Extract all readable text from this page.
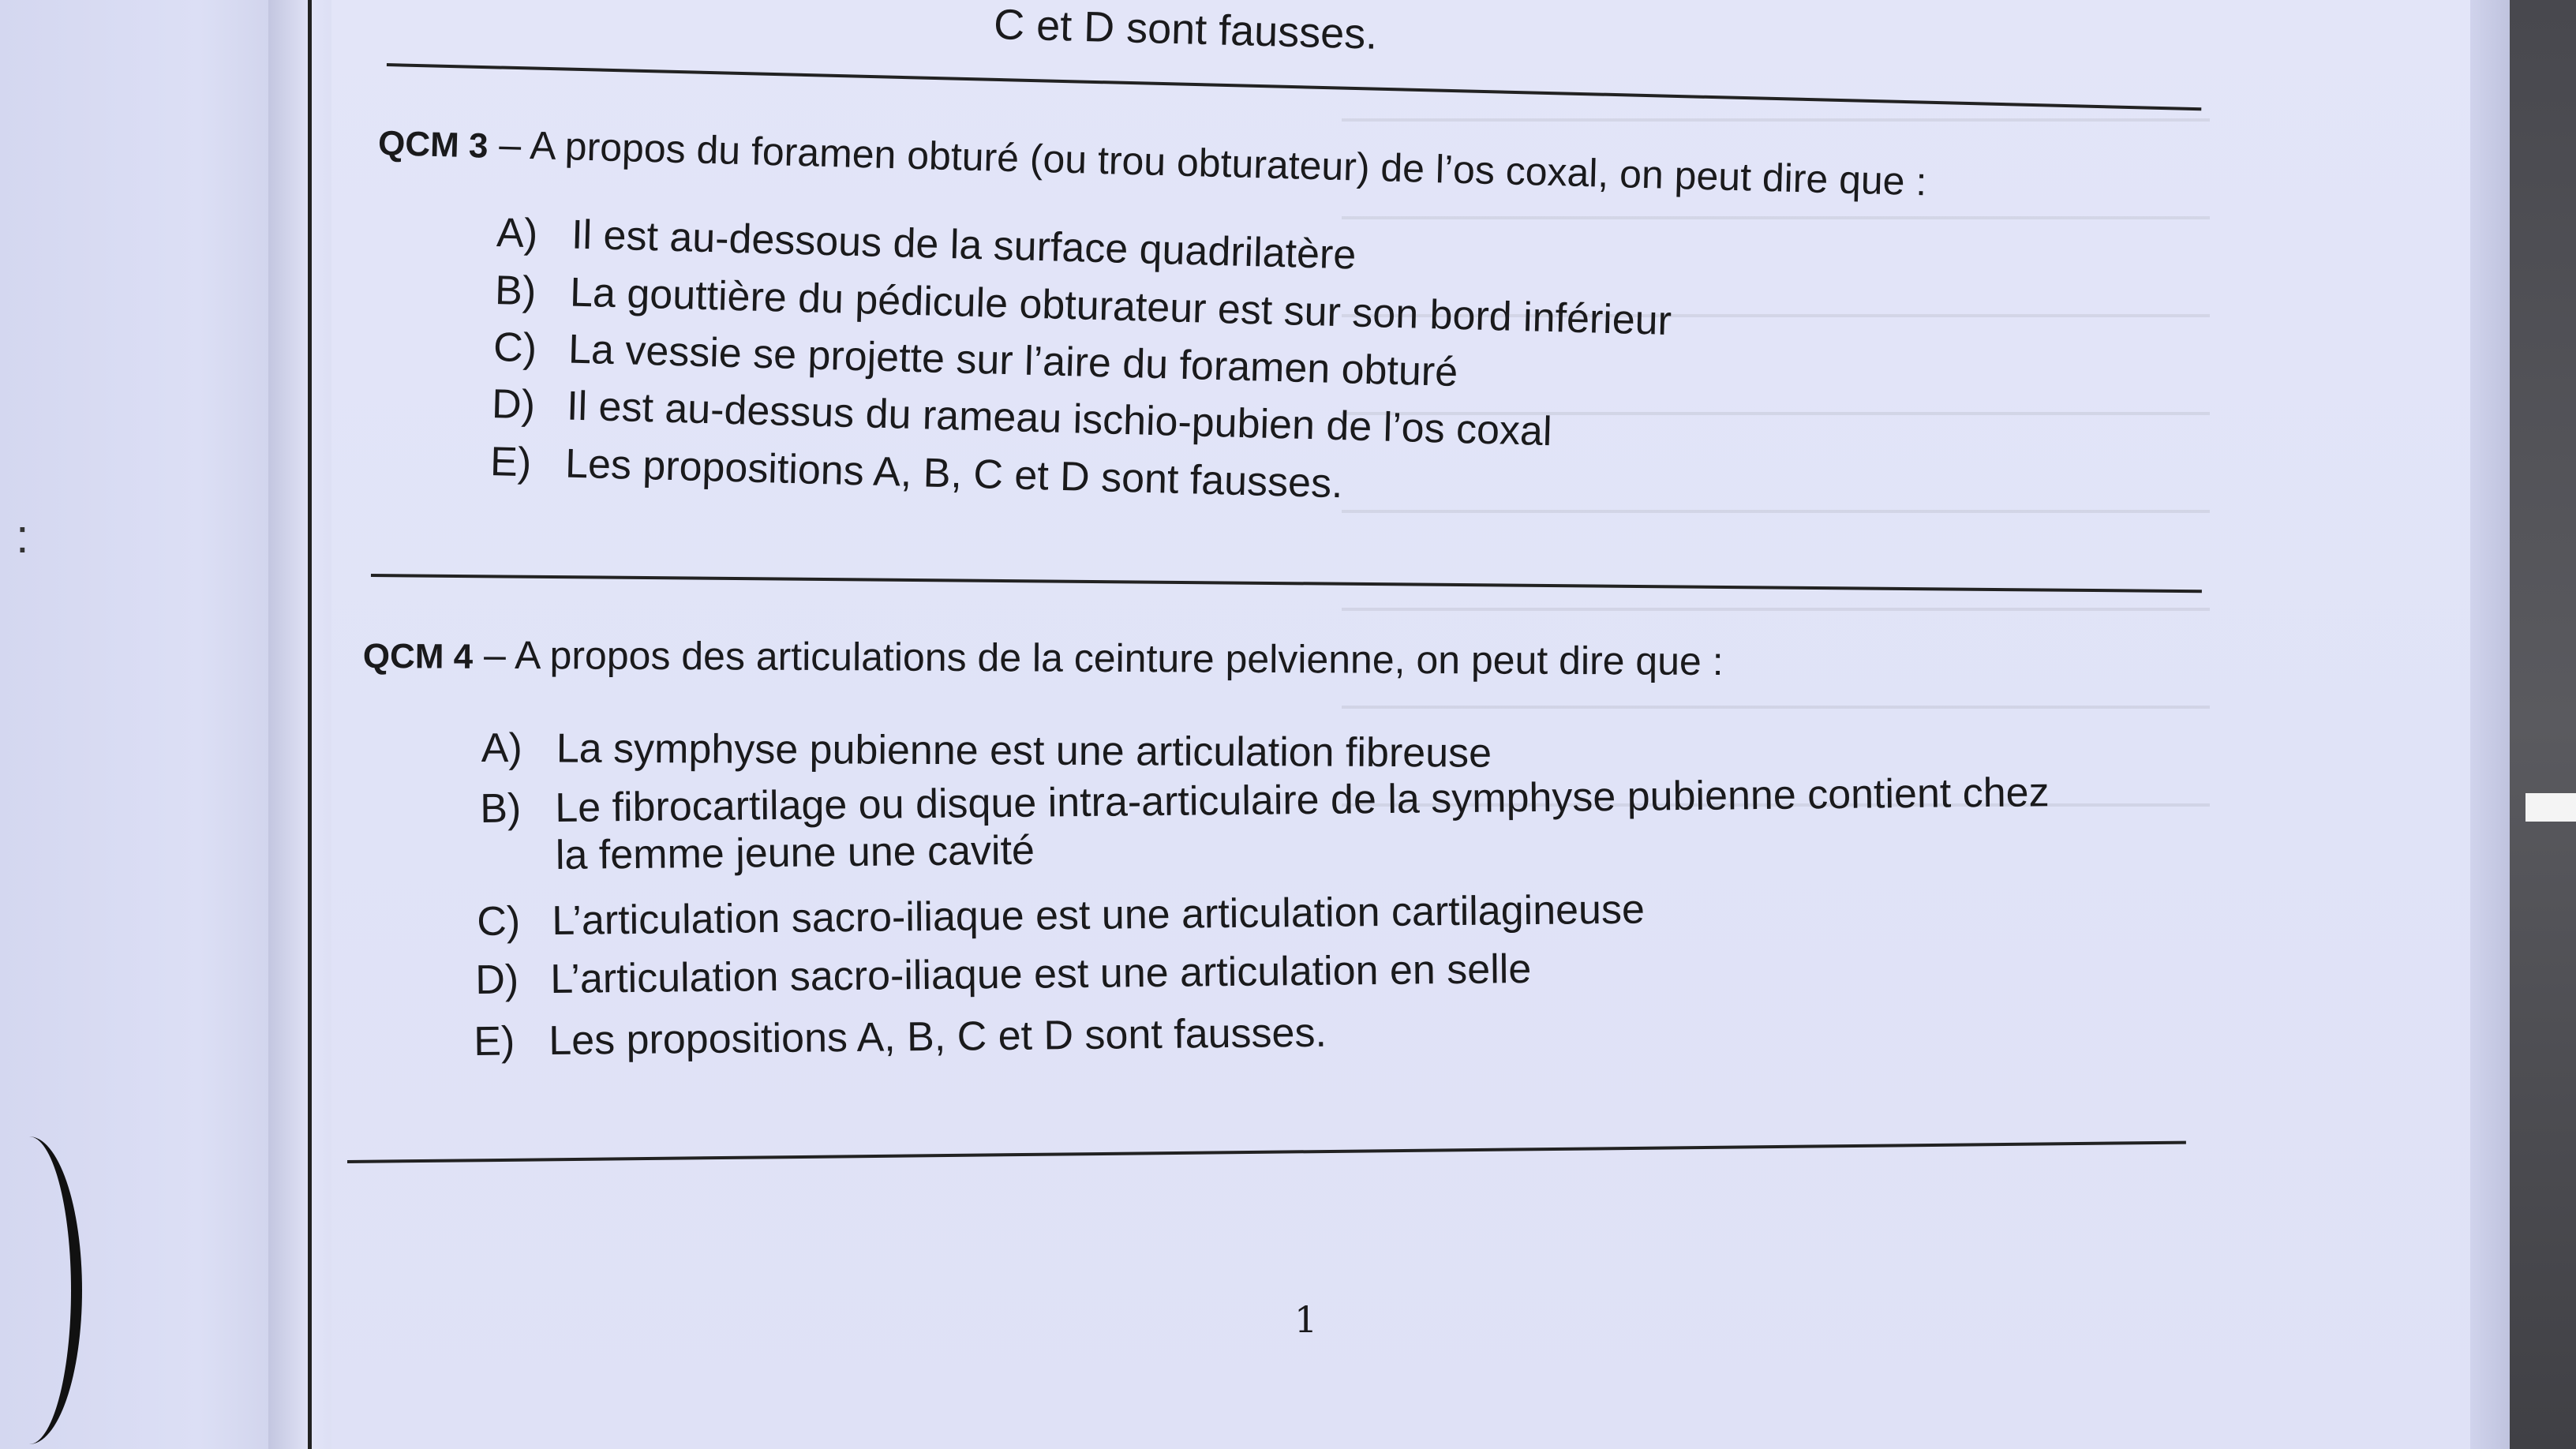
:
C et D sont fausses.
QCM 3 – A propos du foramen obturé (ou trou obturateur) de l’os coxal, on peut dire que :
A) Il est au-dessous de la surface quadrilatère
B) La gouttière du pédicule obturateur est sur son bord inférieur
C) La vessie se projette sur l’aire du foramen obturé
D) Il est au-dessus du rameau ischio-pubien de l’os coxal
E) Les propositions A, B, C et D sont fausses.
QCM 4 – A propos des articulations de la ceinture pelvienne, on peut dire que :
A) La symphyse pubienne est une articulation fibreuse
B) Le fibrocartilage ou disque intra-articulaire de la symphyse pubienne contient chez
la femme jeune une cavité
C) L’articulation sacro-iliaque est une articulation cartilagineuse
D) L’articulation sacro-iliaque est une articulation en selle
E) Les propositions A, B, C et D sont fausses.
1
